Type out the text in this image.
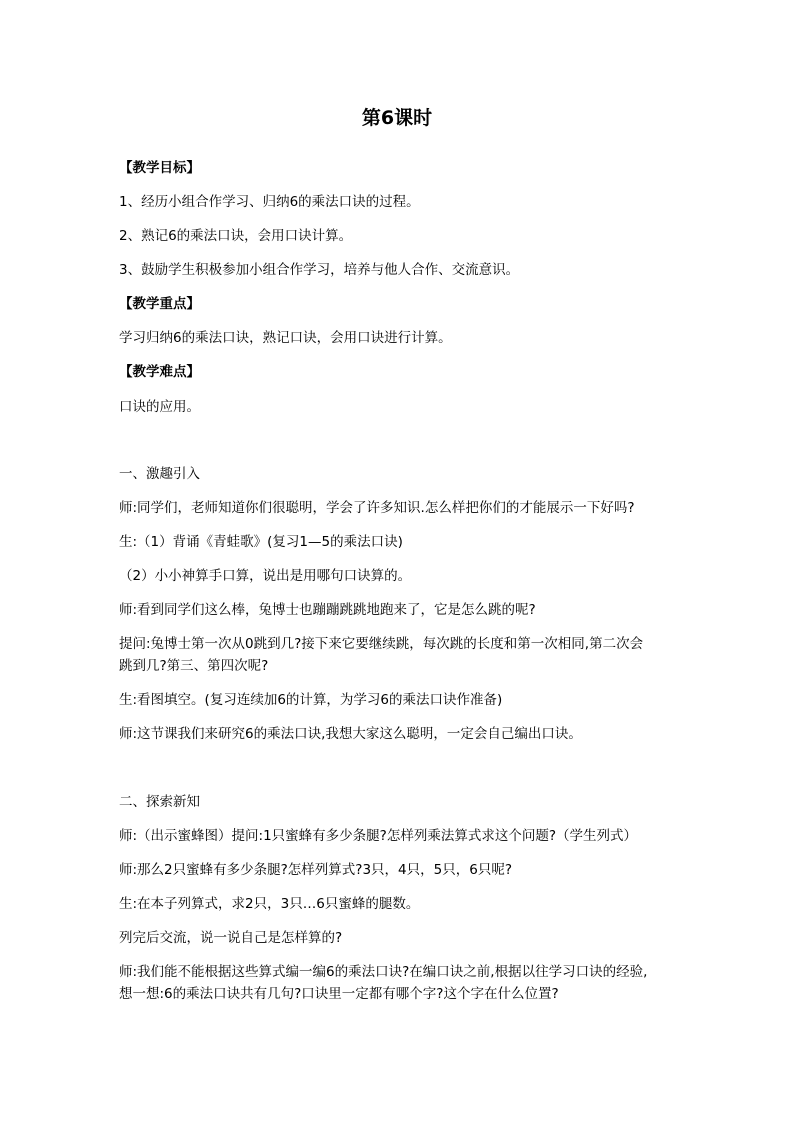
第6课时
【教学目标】
1、经历小组合作学习、归纳6的乘法口诀的过程。
2、熟记6的乘法口诀，会用口诀计算。
3、鼓励学生积极参加小组合作学习，培养与他人合作、交流意识。
【教学重点】
学习归纳6的乘法口诀，熟记口诀，会用口诀进行计算。
【教学难点】
口诀的应用。
一、激趣引入
师:同学们，老师知道你们很聪明，学会了许多知识.怎么样把你们的才能展示一下好吗?
生:（1）背诵《青蛙歌》(复习1—5的乘法口诀)
（2）小小神算手口算，说出是用哪句口诀算的。
师:看到同学们这么棒，兔博士也蹦蹦跳跳地跑来了，它是怎么跳的呢?
提问:兔博士第一次从0跳到几?接下来它要继续跳，每次跳的长度和第一次相同,第二次会
跳到几?第三、第四次呢?
生:看图填空。(复习连续加6的计算，为学习6的乘法口诀作准备)
师:这节课我们来研究6的乘法口诀,我想大家这么聪明，一定会自己编出口诀。
二、探索新知
师:（出示蜜蜂图）提问:1只蜜蜂有多少条腿?怎样列乘法算式求这个问题?（学生列式）
师:那么2只蜜蜂有多少条腿?怎样列算式?3只，4只，5只，6只呢?
生:在本子列算式，求2只，3只…6只蜜蜂的腿数。
列完后交流，说一说自己是怎样算的?
师:我们能不能根据这些算式编一编6的乘法口诀?在编口诀之前,根据以往学习口诀的经验,
想一想:6的乘法口诀共有几句?口诀里一定都有哪个字?这个字在什么位置?
